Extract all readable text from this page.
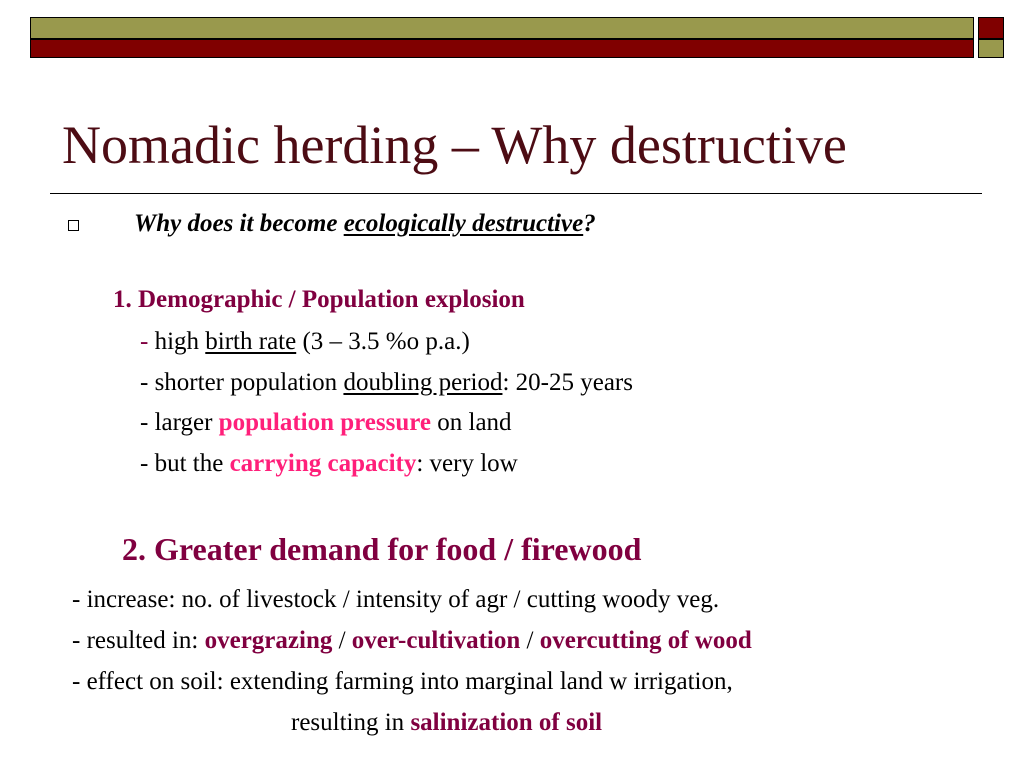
Nomadic herding – Why destructive
Why does it become ecologically destructive?
1. Demographic / Population explosion
- high birth rate (3 – 3.5 %o p.a.)
- shorter population doubling period: 20-25 years
- larger population pressure on land
- but the carrying capacity: very low
2. Greater demand for food / firewood
- increase: no. of livestock / intensity of agr / cutting woody veg.
- resulted in: overgrazing / over-cultivation / overcutting of wood
- effect on soil: extending farming into marginal land w irrigation,
resulting in salinization of soil
